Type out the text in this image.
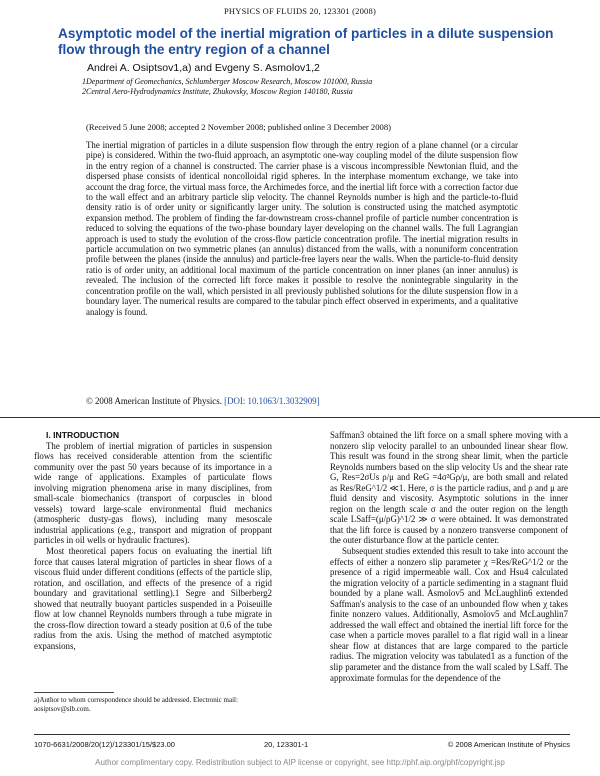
PHYSICS OF FLUIDS 20, 123301 (2008)
Asymptotic model of the inertial migration of particles in a dilute suspension flow through the entry region of a channel
Andrei A. Osiptsov1,a) and Evgeny S. Asmolov1,2
1Department of Geomechanics, Schlumberger Moscow Research, Moscow 101000, Russia
2Central Aero-Hydrodynamics Institute, Zhukovsky, Moscow Region 140180, Russia
(Received 5 June 2008; accepted 2 November 2008; published online 3 December 2008)

The inertial migration of particles in a dilute suspension flow through the entry region of a plane channel (or a circular pipe) is considered. Within the two-fluid approach, an asymptotic one-way coupling model of the dilute suspension flow in the entry region of a channel is constructed. The carrier phase is a viscous incompressible Newtonian fluid, and the dispersed phase consists of identical noncolloidal rigid spheres. In the interphase momentum exchange, we take into account the drag force, the virtual mass force, the Archimedes force, and the inertial lift force with a correction factor due to the wall effect and an arbitrary particle slip velocity. The channel Reynolds number is high and the particle-to-fluid density ratio is of order unity or significantly larger unity. The solution is constructed using the matched asymptotic expansion method. The problem of finding the far-downstream cross-channel profile of particle number concentration is reduced to solving the equations of the two-phase boundary layer developing on the channel walls. The full Lagrangian approach is used to study the evolution of the cross-flow particle concentration profile. The inertial migration results in particle accumulation on two symmetric planes (an annulus) distanced from the walls, with a nonuniform concentration profile between the planes (inside the annulus) and particle-free layers near the walls. When the particle-to-fluid density ratio is of order unity, an additional local maximum of the particle concentration on inner planes (an inner annulus) is revealed. The inclusion of the corrected lift force makes it possible to resolve the nonintegrable singularity in the concentration profile on the wall, which persisted in all previously published solutions for the dilute suspension flow in a boundary layer. The numerical results are compared to the tabular pinch effect observed in experiments, and a qualitative analogy is found.

© 2008 American Institute of Physics. [DOI: 10.1063/1.3032909]

I. INTRODUCTION

The problem of inertial migration of particles in suspension flows has received considerable attention from the scientific community over the past 50 years because of its importance in a wide range of applications. Examples of particulate flows involving migration phenomena arise in many disciplines, from small-scale biomechanics (transport of corpuscles in blood vessels) toward large-scale environmental fluid mechanics (atmospheric dusty-gas flows), including many mesoscale industrial applications (e.g., transport and migration of proppant particles in oil wells or hydraulic fractures).

Most theoretical papers focus on evaluating the inertial lift force that causes lateral migration of particles in shear flows of a viscous fluid under different conditions (effects of the particle slip, rotation, and oscillation, and effects of the presence of a rigid boundary and gravitational settling).1 Segre and Silberberg2 showed that neutrally buoyant particles suspended in a Poiseuille flow at low channel Reynolds numbers through a tube migrate in the cross-flow direction toward a steady position at 0.6 of the tube radius from the axis. Using the method of matched asymptotic expansions,

Saffman3 obtained the lift force on a small sphere moving with a nonzero slip velocity parallel to an unbounded linear shear flow. This result was found in the strong shear limit, when the particle Reynolds numbers based on the slip velocity Us and the shear rate G, Res=2σUs ρ/μ and ReG =4σ²Gρ/μ, are both small and related as Res/ReG^1/2 ≪1. Here, σ is the particle radius, and ρ and μ are fluid density and viscosity. Asymptotic solutions in the inner region on the length scale σ and the outer region on the length scale LSaff=(μ/ρG)^1/2 ≫ σ were obtained. It was demonstrated that the lift force is caused by a nonzero transverse component of the outer disturbance flow at the particle center.

Subsequent studies extended this result to take into account the effects of either a nonzero slip parameter χ =Res/ReG^1/2 or the presence of a rigid impermeable wall. Cox and Hsu4 calculated the migration velocity of a particle sedimenting in a stagnant fluid bounded by a plane wall. Asmolov5 and McLaughlin6 extended Saffman's analysis to the case of an unbounded flow when χ takes finite nonzero values. Additionally, Asmolov5 and McLaughlin7 addressed the wall effect and obtained the inertial lift force for the case when a particle moves parallel to a flat rigid wall in a linear shear flow at distances that are large compared to the particle radius. The migration velocity was tabulated1 as a function of the slip parameter and the distance from the wall scaled by LSaff. The approximate formulas for the dependence of the

a)Author to whom correspondence should be addressed. Electronic mail: aosiptsov@slb.com.
1070-6631/2008/20(12)/123301/15/$23.00	20, 123301-1	© 2008 American Institute of Physics
Author complimentary copy. Redistribution subject to AIP license or copyright, see http://phf.aip.org/phf/copyright.jsp
